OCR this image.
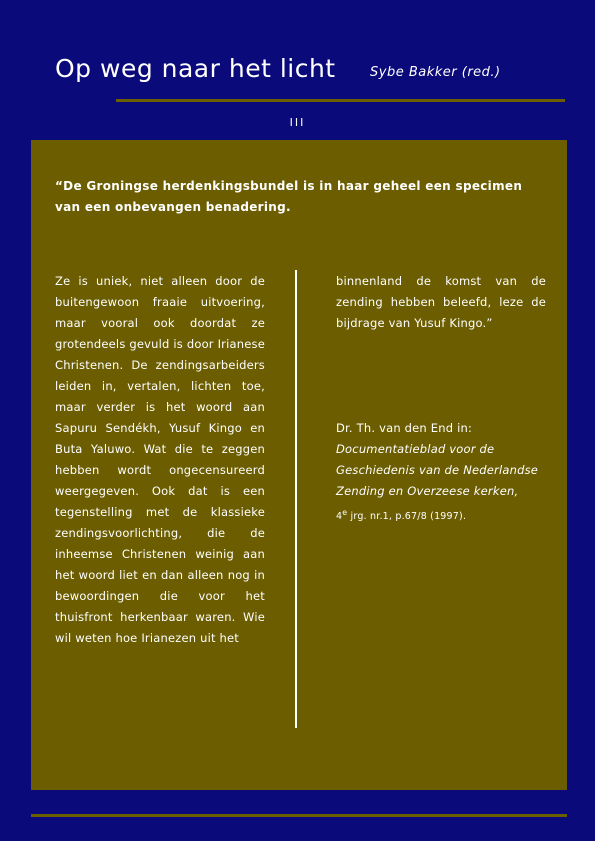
Op weg naar het licht	Sybe Bakker (red.)
III
“De Groningse herdenkingsbundel is in haar geheel een specimen van een onbevangen benadering.

Ze is uniek, niet alleen door de buitengewoon fraaie uitvoering, maar vooral ook doordat ze grotendeels gevuld is door Irianese Christenen. De zendingsarbeiders leiden in, vertalen, lichten toe, maar verder is het woord aan Sapuru Sendékh, Yusuf Kingo en Buta Yaluwo. Wat die te zeggen hebben wordt ongecensureerd weergegeven. Ook dat is een tegenstelling met de klassieke zendingsvoorlichting, die de inheemse Christenen weinig aan het woord liet en dan alleen nog in bewoordingen die voor het thuisfront herkenbaar waren. Wie wil weten hoe Irianezen uit het

binnenland de komst van de zending hebben beleefd, leze de bijdrage van Yusuf Kingo.”

Dr. Th. van den End in:
Documentatieblad voor de Geschiedenis van de Nederlandse Zending en Overzeese kerken,
4e jrg. nr.1, p.67/8 (1997).
